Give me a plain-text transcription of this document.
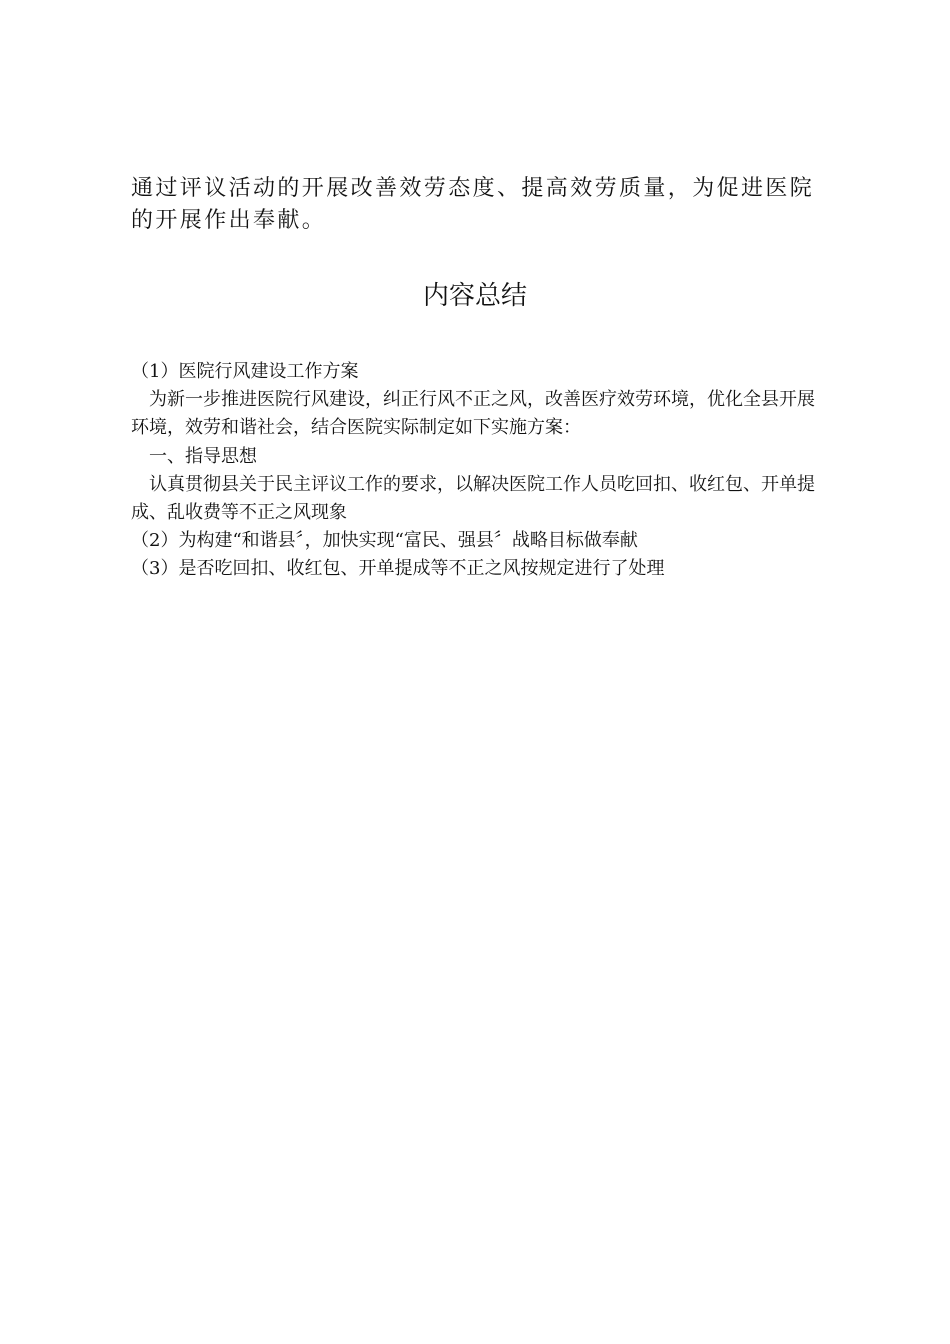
通过评议活动的开展改善效劳态度、提高效劳质量，为促进医院的开展作出奉献。

内容总结

（1）医院行风建设工作方案

为新一步推进医院行风建设，纠正行风不正之风，改善医疗效劳环境，优化全县开展环境，效劳和谐社会，结合医院实际制定如下实施方案：

一、指导思想

认真贯彻县关于民主评议工作的要求，以解决医院工作人员吃回扣、收红包、开单提成、乱收费等不正之风现象

（2）为构建“和谐县〞，加快实现“富民、强县〞战略目标做奉献

（3）是否吃回扣、收红包、开单提成等不正之风按规定进行了处理
